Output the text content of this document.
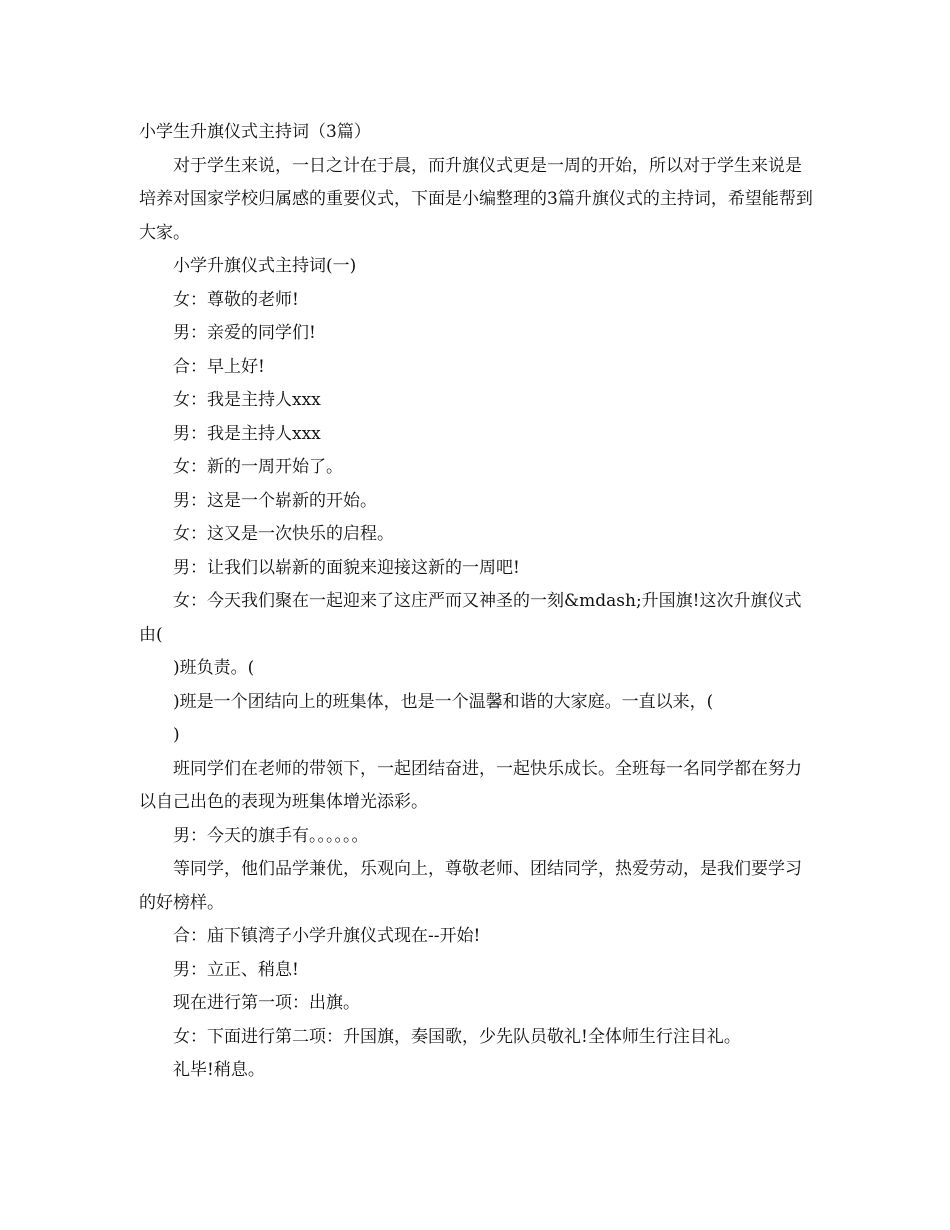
小学生升旗仪式主持词（3篇）

对于学生来说，一日之计在于晨，而升旗仪式更是一周的开始，所以对于学生来说是培养对国家学校归属感的重要仪式，下面是小编整理的3篇升旗仪式的主持词，希望能帮到大家。

小学升旗仪式主持词(一)

女：尊敬的老师!

男：亲爱的同学们!

合：早上好!

女：我是主持人xxx

男：我是主持人xxx

女：新的一周开始了。

男：这是一个崭新的开始。

女：这又是一次快乐的启程。

男：让我们以崭新的面貌来迎接这新的一周吧!

女：今天我们聚在一起迎来了这庄严而又神圣的一刻&mdash;升国旗!这次升旗仪式由(

)班负责。(

)班是一个团结向上的班集体，也是一个温馨和谐的大家庭。一直以来，(

)

班同学们在老师的带领下，一起团结奋进，一起快乐成长。全班每一名同学都在努力以自己出色的表现为班集体增光添彩。

男：今天的旗手有。。。。。。

等同学，他们品学兼优，乐观向上，尊敬老师、团结同学，热爱劳动，是我们要学习的好榜样。

合：庙下镇湾子小学升旗仪式现在--开始!

男：立正、稍息!

现在进行第一项：出旗。

女：下面进行第二项：升国旗，奏国歌，少先队员敬礼!全体师生行注目礼。

礼毕!稍息。
